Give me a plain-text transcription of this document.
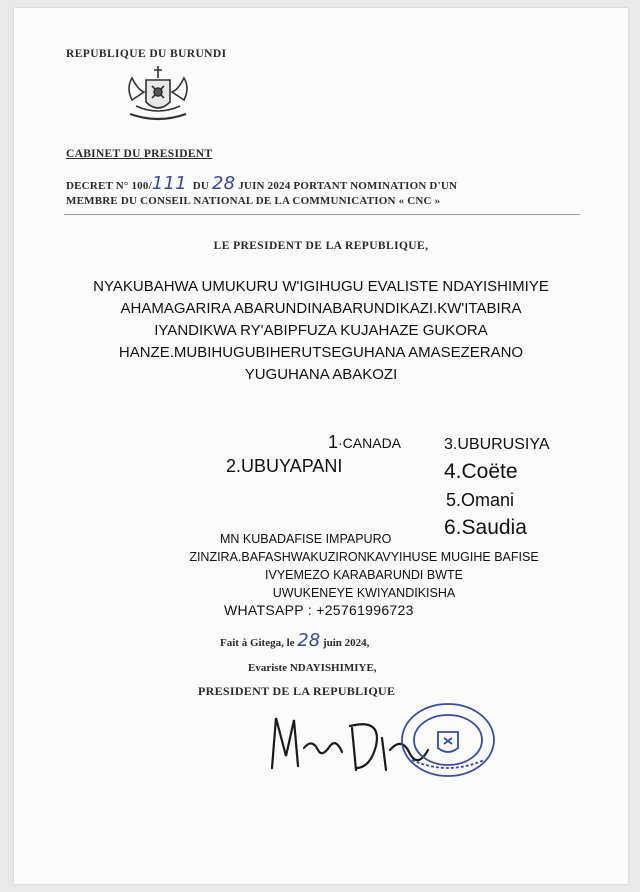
REPUBLIQUE DU BURUNDI
CABINET DU PRESIDENT
DECRET N° 100/111 DU 28 JUIN 2024 PORTANT NOMINATION D'UN
MEMBRE DU CONSEIL NATIONAL DE LA COMMUNICATION « CNC »
LE PRESIDENT DE LA REPUBLIQUE,
NYAKUBAHWA UMUKURU W'IGIHUGU EVALISTE NDAYISHIMIYE
AHAMAGARIRA ABARUNDINABARUNDIKAZI.KW'ITABIRA
IYANDIKWA RY'ABIPFUZA KUJAHAZE GUKORA
HANZE.MUBIHUGUBIHERUTSEGUHANA AMASEZERANO
YUGUHANA ABAKOZI
1·CANADA
2.UBUYAPANI
3.UBURUSIYA
4.Coëte
5.Omani
6.Saudia
MN KUBADAFISE IMPAPURO
ZINZIRA.BAFASHWAKUZIRONKAVYIHUSE MUGIHE BAFISE
IVYEMEZO KARABARUNDI BWTE
UWUKENEYE KWIYANDIKISHA
WHATSAPP : +25761996723
Fait à Gitega, le 28 juin 2024,
Evariste NDAYISHIMIYE,
PRESIDENT DE LA REPUBLIQUE
